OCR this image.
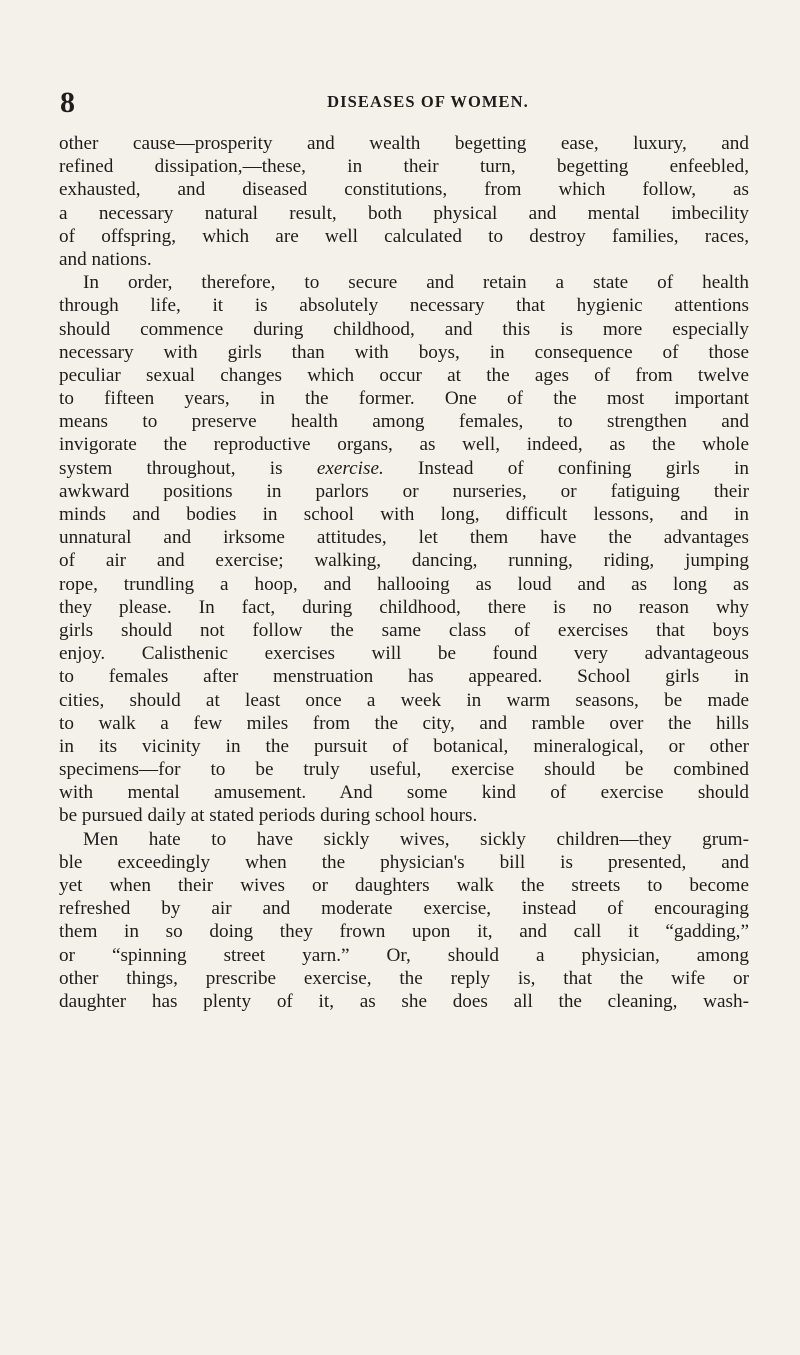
8	DISEASES OF WOMEN.
other cause—prosperity and wealth begetting ease, luxury, and
refined dissipation,—these, in their turn, begetting enfeebled,
exhausted, and diseased constitutions, from which follow, as
a necessary natural result, both physical and mental imbecility
of offspring, which are well calculated to destroy families, races,
and nations.
In order, therefore, to secure and retain a state of health
through life, it is absolutely necessary that hygienic attentions
should commence during childhood, and this is more especially
necessary with girls than with boys, in consequence of those
peculiar sexual changes which occur at the ages of from twelve
to fifteen years, in the former. One of the most important
means to preserve health among females, to strengthen and
invigorate the reproductive organs, as well, indeed, as the whole
system throughout, is exercise. Instead of confining girls in
awkward positions in parlors or nurseries, or fatiguing their
minds and bodies in school with long, difficult lessons, and in
unnatural and irksome attitudes, let them have the advantages
of air and exercise; walking, dancing, running, riding, jumping
rope, trundling a hoop, and hallooing as loud and as long as
they please. In fact, during childhood, there is no reason why
girls should not follow the same class of exercises that boys
enjoy. Calisthenic exercises will be found very advantageous
to females after menstruation has appeared. School girls in
cities, should at least once a week in warm seasons, be made
to walk a few miles from the city, and ramble over the hills
in its vicinity in the pursuit of botanical, mineralogical, or other
specimens—for to be truly useful, exercise should be combined
with mental amusement. And some kind of exercise should
be pursued daily at stated periods during school hours.
Men hate to have sickly wives, sickly children—they grum-
ble exceedingly when the physician's bill is presented, and
yet when their wives or daughters walk the streets to become
refreshed by air and moderate exercise, instead of encouraging
them in so doing they frown upon it, and call it “gadding,”
or “spinning street yarn.” Or, should a physician, among
other things, prescribe exercise, the reply is, that the wife or
daughter has plenty of it, as she does all the cleaning, wash-
